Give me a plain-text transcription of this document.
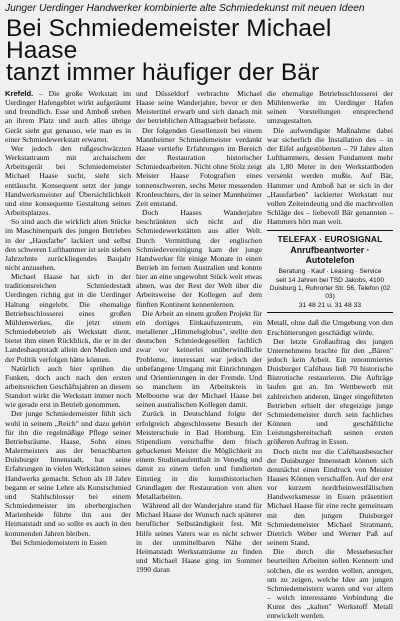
Junger Uerdinger Handwerker kombinierte alte Schmiedekunst mit neuen Ideen
Bei Schmiedemeister Michael Haase
tanzt immer häufiger der Bär

Krefeld. – Die große Werkstatt im Uerdinger Hafengebiet wirkt aufgeräumt und freundlich. Esse und Amboß stehen an ihrem Platz und auch alles übrige Gerät sieht gut genauso, wie man es in einer Schmiedewerkstatt erwartet.

Wer jedoch den rußgeschwärzten Werkstattraum mit archaischem Arbeitsgerät bei Schmiedemeister Michael Haase sucht, sieht sich enttäuscht. Konsequent setzt der junge Handwerksmeister auf Übersichtlichkeit und eine konsequente Gestaltung seines Arbeitsplatzes.

So sind auch die wirklich alten Stücke im Maschinenpark des jungen Betriebes in der „Hausfarbe" lackiert und selbst den schweren Lufthammer ist sein sieben Jahrzehnte zurückliegendes Baujahr nicht anzusehen.

Michael Haase hat sich in der traditionsreichen Schmiedestadt Uerdingen richtig gut in die Uerdinger Haltung eingelebt. Die ehemalige Betriebsschlosserei eines großen Mühlenwerkes, die jetzt einem Schmiedebetrieb als Werkstatt dient, bietet ihm einen Rückblick, die er in der Landeshauptstadt allein den Medien und der Politik verfolgen hätte können.

Natürlich auch hier sprühen die Funken, doch auch nach den ersten arbeitsreichen Geschäftsjahren an diesem Standort wirkt die Werkstatt immer noch wie gerade erst in Betrieb genommen.

Der junge Schmiedemeister fühlt sich wohl in seinem „Reich" und dazu gehört für ihn die regelmäßige Pflege seiner Betriebsräume. Haase, Sohn eines Malermeisters aus der benachbarten Duisburger Innenstadt, hat seine Erfahrungen in vielen Werkstätten seines Handwerks gemacht. Schon als 18 Jahre begann er seine Lehre als Kunstschmied und Stahlschlosser bei einem Schmiedemeister im oberbergischen Marienheide führte ihn aus der Heimatstadt und so sollte es auch in den kommenden Jahren bleiben.

Bei Schmiedemeistern in Essen

und Düsseldorf verbrachte Michael Haase seine Wanderjahre, bevor er den Meistertitel erwarb und sich danach mit der betrieblichen Alltagsarbeit befasste.

Der folgenden Gesellenzeit bei einem Mannheimer Schmiedemeister verdankt Haase vertiefte Erfahrungen im Bereich der Restauration historischer Schmiedearbeiten. Nicht ohne Stolz zeigt Meister Haase Fotografien eines tonnenschweren, sechs Meter messenden Kronleuchters, der in seiner Mannheimer Zeit entstand.

Doch Haases Wanderjahre beschränkten sich nicht auf die Schmiedewerkstätten aus aller Welt. Durch Vermittlung der englischen Schmiedevereinigung kam der junge Handwerker für einige Monate in einen Betrieb im fernen Australien und konnte hier an eine ungewohnt Stück weit etwas ahnen, was der Rest der Welt über die Arbeitsweise der Kollegen auf dem fünften Kontinent kennenlernen.

Die Arbeit an einem großen Projekt für ein dortiges Einkaufszentrum, ein metallener „Himmelsglobus", stellte den deutschen Schmiedegesellen fachlich zwar vor keinerlei unüberwindliche Probleme, interessant war jedoch der unbefangene Umgang mit Einrichtungen und Orientierungen in der Fremde. Und so manchem im Arbeitskreis in Melbourne war der Michael Haase bei seinen australischen Kollegen damit.

Zurück in Deutschland folgte der erfolgreich abgeschlossene Besuch der Meisterschule in Bad Homburg. Ein Stipendium verschaffte dem frisch gebackenen Meister die Möglichkeit zu einem Studienaufenthalt in Venedig und damit zu einem tiefen und fundierten Einstieg in die kunsthistorischen Grundlagen der Restauration von alten Metallarbeiten.

Während all der Wanderjahre stand für Michael Haase der Wunsch nach späterer beruflicher Selbständigkeit fest. Mit Hilfe seines Vaters war es nicht schwer in der unmittelbaren Nähe der Heimatstadt Werkstatträume zu finden und Michael Haase ging im Sommer 1990 daran

die ehemalige Betriebsschlosserei der Mühlenwerke im Uerdinger Hafen seinen Vorstellungen entsprechend umzugestalten.

Die aufwendigste Maßnahme dabei war sicherlich die Installation des – in der Eifel aufgestöberten – 70 Jahre alten Lufthammers, dessen Fundament mehr als 1,80 Meter in den Werkstattboden versenkt werden mußte. Auf Bär, Hammer und Amboß hat er sich in der „Hausfarben" lackierter Werkstatt nur vollen Zeiteindeutig und die machtvollen Schläge des – liebevoll Bär genannten – Hammers hört man weit.

TELEFAX · EUROSIGNAL
Anrufbeantworter · Autotelefon
Beratung · Kauf · Leasing · Service
seit 14 Jahren bei TSD Jakobs, 4100 Duisburg 1, Ruhrorter Str. 56, Telefon (02 03)
31 48 21 u. 31 48 33

Metall, ohne daß die Umgebung von den Erschütterungen geschädigt würde.

Der letzte Großauftrag des jungen Unternehmens brachte für den „Bären" jedoch kein Arbeit. Ein renommiertes Duisburger Caféhaus ließ 70 historische Bistrotische restaurieren. Die Aufträge laufen gut an. Im Wettbewerb mit zahlreichen anderen, länger eingeführten Betrieben erhielt der ehrgeizige junge Schmiedemeister durch sein fachliches Können und geschäftliche Leistungsbereitschaft seinen ersten größeren Auftrag in Essen.

Doch nicht nur die Caféhausbesucher der Duisburger Innenstadt können sich demnächst einen Eindruck von Meister Haases Können verschaffen. Auf der erst vor kurzem nordrheinwestfälischen Handwerksmesse in Essen präsentiert Michael Haase für eine recht gemeinsam mit den jungen Duisburger Schmiedemeister Michael Stratmann, Dietrich Weber und Werner Paß auf seinem Stand.

Die durch die Messebesucher beurteilten Arbeiten sollen Kennern und solchen, die es werden wollen, anregen, um zu zeigen, welche Idee am jungen Schmiedemeistern waren und vor allem – welch interessante Verbindung die Kunst des „kalten" Werkstoff Metall entwickelt werden.
